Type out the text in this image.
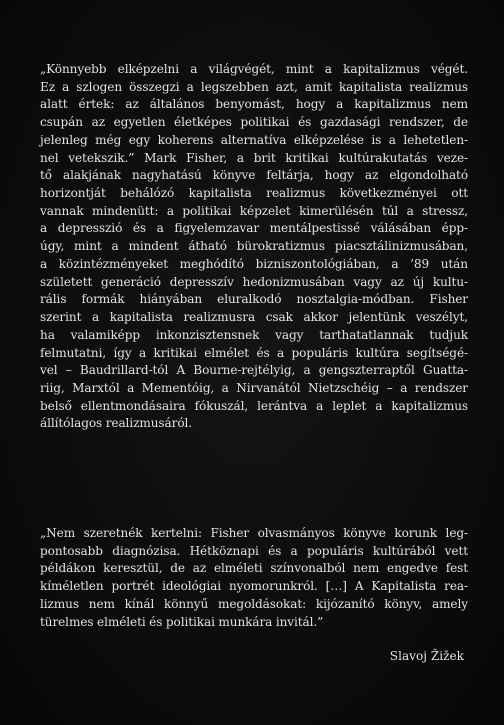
„Könnyebb elképzelni a világvégét, mint a kapitalizmus végét.
Ez a szlogen összegzi a legszebben azt, amit kapitalista realizmus
alatt értek: az általános benyomást, hogy a kapitalizmus nem
csupán az egyetlen életképes politikai és gazdasági rendszer, de
jelenleg még egy koherens alternatíva elképzelése is a lehetetlen-
nel vetekszik.” Mark Fisher, a brit kritikai kultúrakutatás veze-
tő alakjának nagyhatású könyve feltárja, hogy az elgondolható
horizontját behálózó kapitalista realizmus következményei ott
vannak mindenütt: a politikai képzelet kimerülésén túl a stressz,
a depresszió és a figyelemzavar mentálpestissé válásában épp-
úgy, mint a mindent átható bürokratizmus piacsztálinizmusában,
a közintézményeket meghódító bizniszontológiában, a ’89 után
született generáció depresszív hedonizmusában vagy az új kultu-
rális formák hiányában eluralkodó nosztalgia-módban. Fisher
szerint a kapitalista realizmusra csak akkor jelentünk veszélyt,
ha valamiképp inkonzisztensnek vagy tarthatatlannak tudjuk
felmutatni, így a kritikai elmélet és a populáris kultúra segítségé-
vel – Baudrillard-tól A Bourne-rejtélyig, a gengszterraptől Guatta-
riig, Marxtól a Mementóig, a Nirvanától Nietzschéig – a rendszer
belső ellentmondásaira fókuszál, lerántva a leplet a kapitalizmus
állítólagos realizmusáról.
„Nem szeretnék kertelni: Fisher olvasmányos könyve korunk leg-
pontosabb diagnózisa. Hétköznapi és a populáris kultúrából vett
példákon keresztül, de az elméleti színvonalból nem engedve fest
kíméletlen portrét ideológiai nyomorunkról. […] A Kapitalista rea-
lizmus nem kínál könnyű megoldásokat: kijózanító könyv, amely
türelmes elméleti és politikai munkára invitál.”
Slavoj Žižek
